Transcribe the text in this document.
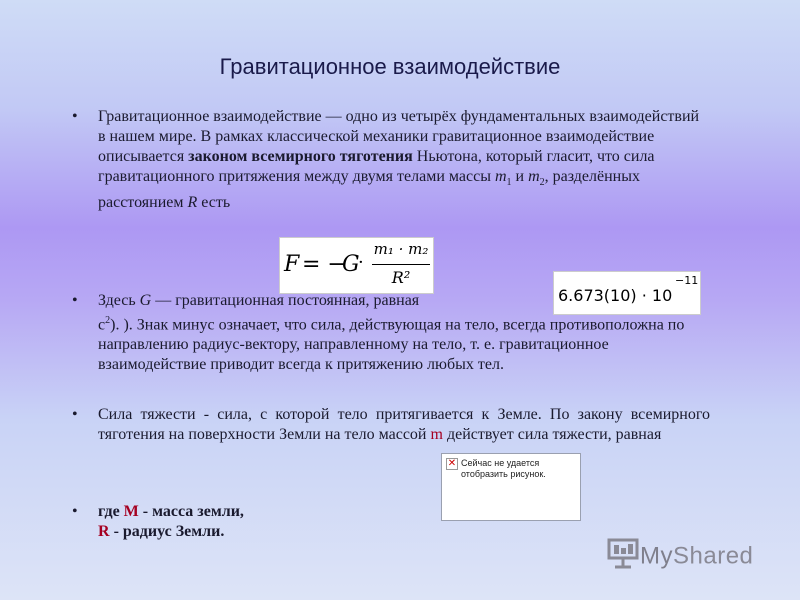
Гравитационное взаимодействие
• Гравитационное взаимодействие — одно из четырёх фундаментальных взаимодействий в нашем мире. В рамках классической механики гравитационное взаимодействие описывается законом всемирного тяготения Ньютона, который гласит, что сила гравитационного притяжения между двумя телами массы $m_1$ и $m_2$, разделённых расстоянием R есть
F = −
G
·
m₁ · m₂
R²
• Здесь G — гравитационная постоянная, равная
$с^2$). ). Знак минус означает, что сила, действующая на тело, всегда противоположна по направлению радиус-вектору, направленному на тело, т. е. гравитационное взаимодействие приводит всегда к притяжению любых тел.
6.673(10) · 10
−11
• Сила тяжести - сила, с которой тело притягивается к Земле. По закону всемирного тяготения на поверхности Земли на тело массой m действует сила тяжести, равная
✕ Сейчас не удается отобразить рисунок.
• где М - масса земли,
R - радиус Земли.
MyShared
